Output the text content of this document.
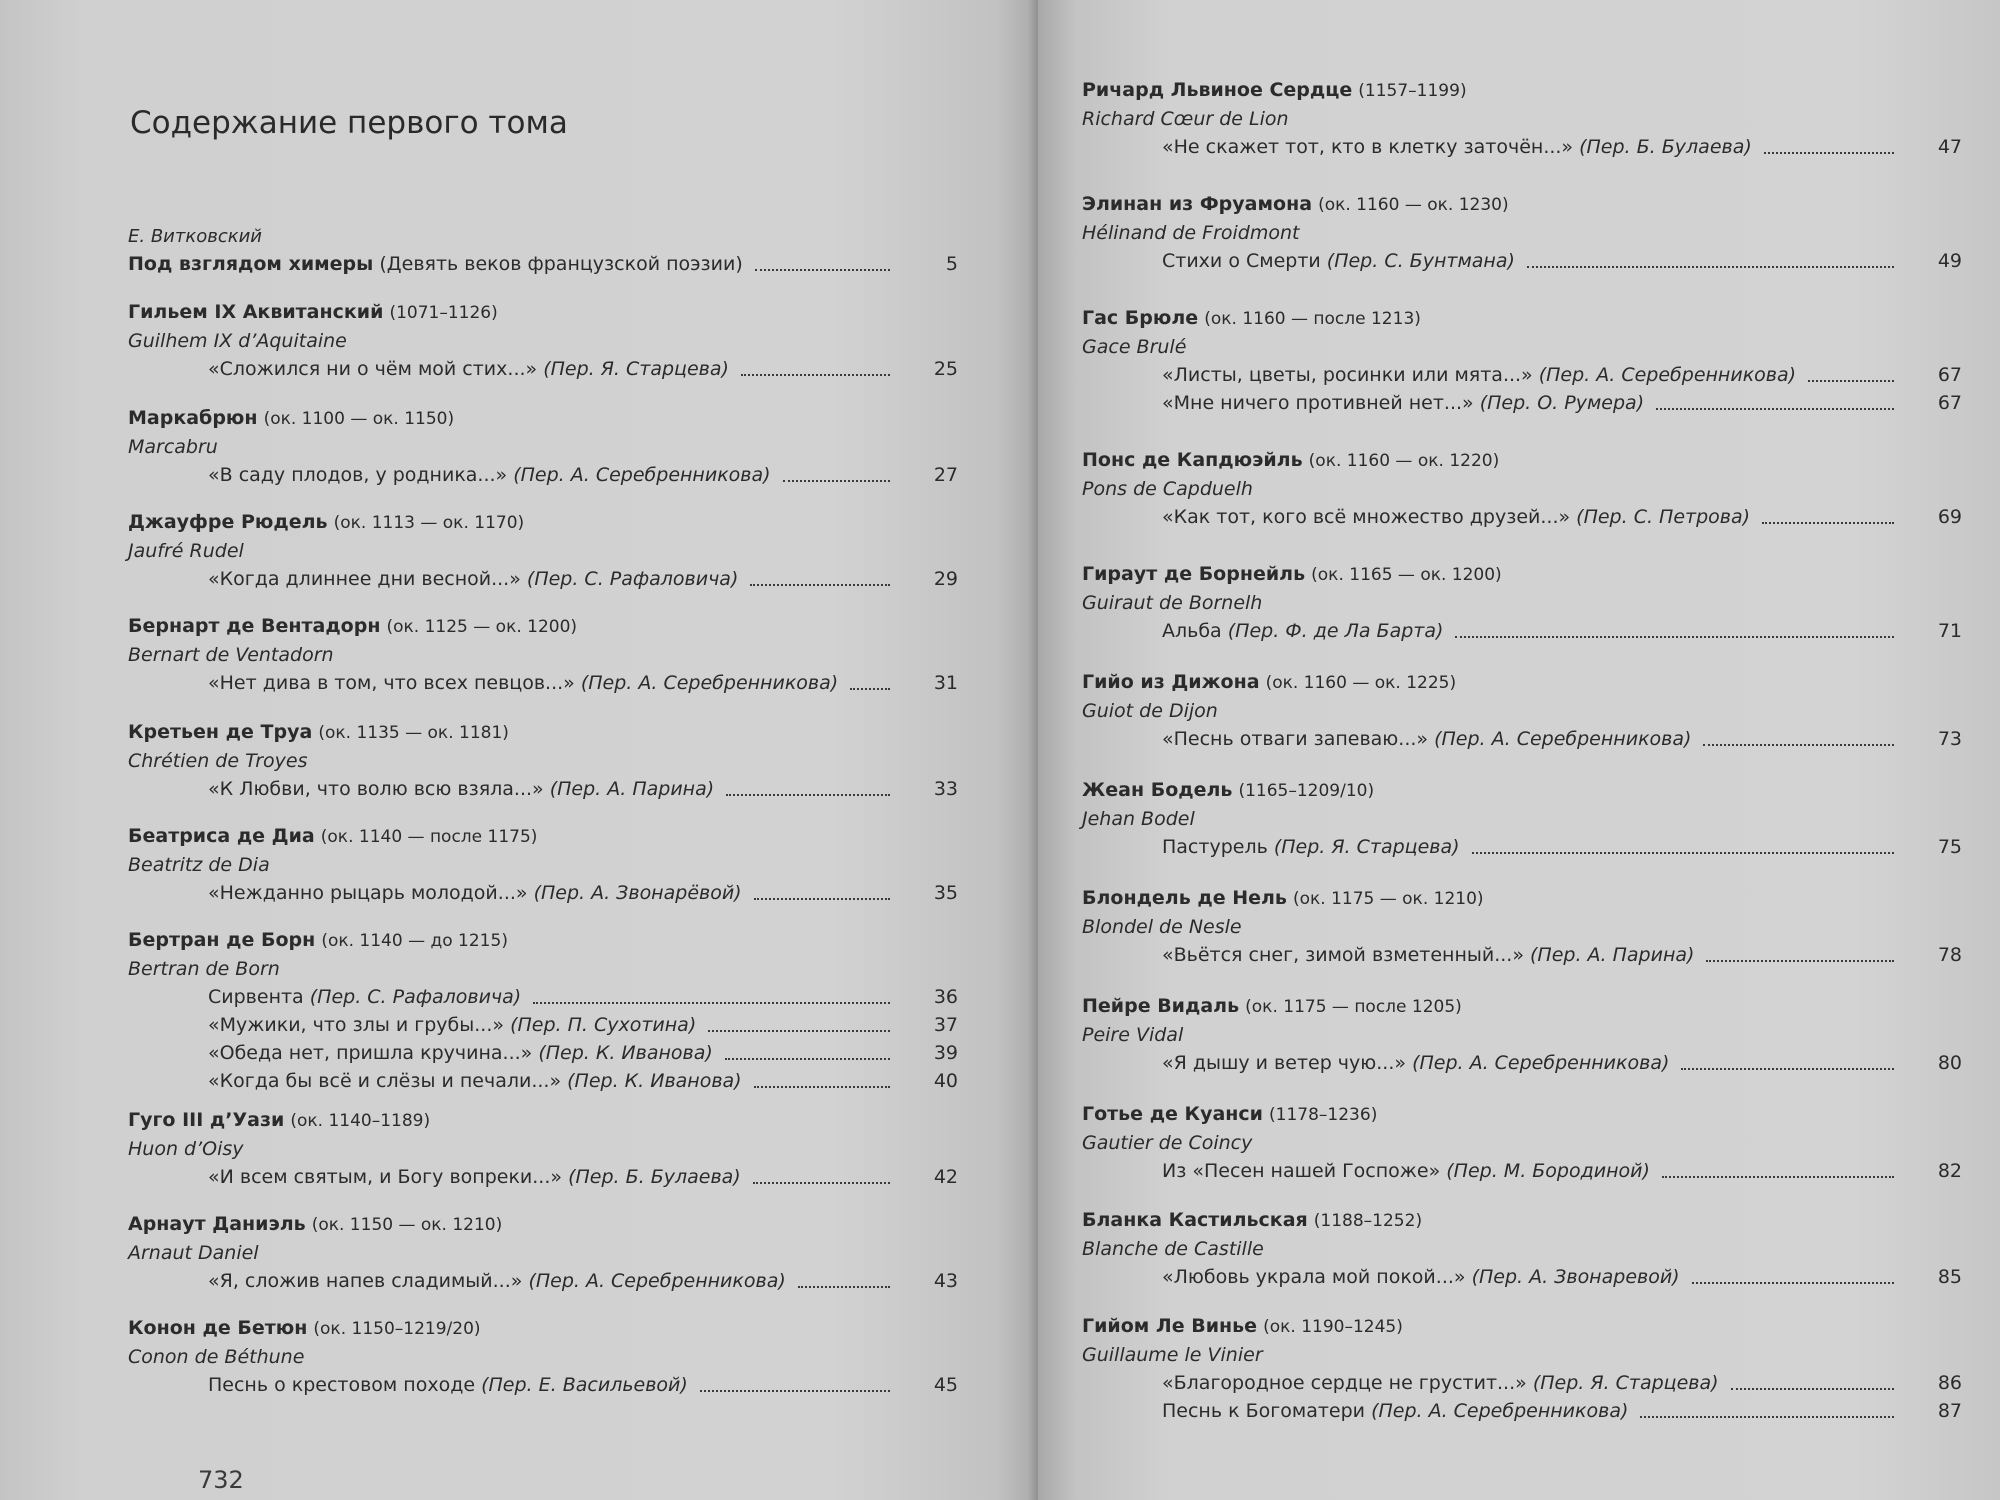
Содержание первого тома
Е. Витковский
Под взглядом химеры (Девять веков французской поэзии)	5
Гильем IX Аквитанский (1071–1126)
Guilhem IX d’Aquitaine
«Сложился ни о чём мой стих...» (Пер. Я. Старцева)	25
Маркабрюн (ок. 1100 — ок. 1150)
Marcabru
«В саду плодов, у родника...» (Пер. А. Серебренникова)	27
Джауфре Рюдель (ок. 1113 — ок. 1170)
Jaufré Rudel
«Когда длиннее дни весной...» (Пер. С. Рафаловича)	29
Бернарт де Вентадорн (ок. 1125 — ок. 1200)
Bernart de Ventadorn
«Нет дива в том, что всех певцов...» (Пер. А. Серебренникова)	31
Кретьен де Труа (ок. 1135 — ок. 1181)
Chrétien de Troyes
«К Любви, что волю всю взяла...» (Пер. А. Парина)	33
Беатриса де Диа (ок. 1140 — после 1175)
Beatritz de Dia
«Нежданно рыцарь молодой...» (Пер. А. Звонарёвой)	35
Бертран де Борн (ок. 1140 — до 1215)
Bertran de Born
Сирвента (Пер. С. Рафаловича)	36
«Мужики, что злы и грубы...» (Пер. П. Сухотина)	37
«Обеда нет, пришла кручина...» (Пер. К. Иванова)	39
«Когда бы всё и слёзы и печали...» (Пер. К. Иванова)	40
Гуго III д’Уази (ок. 1140–1189)
Huon d’Oisy
«И всем святым, и Богу вопреки...» (Пер. Б. Булаева)	42
Арнаут Даниэль (ок. 1150 — ок. 1210)
Arnaut Daniel
«Я, сложив напев сладимый...» (Пер. А. Серебренникова)	43
Конон де Бетюн (ок. 1150–1219/20)
Conon de Béthune
Песнь о крестовом походе (Пер. Е. Васильевой)	45
732
Ричард Львиное Сердце (1157–1199)
Richard Cœur de Lion
«Не скажет тот, кто в клетку заточён...» (Пер. Б. Булаева)	47
Элинан из Фруамона (ок. 1160 — ок. 1230)
Hélinand de Froidmont
Стихи о Смерти (Пер. С. Бунтмана)	49
Гас Брюле (ок. 1160 — после 1213)
Gace Brulé
«Листы, цветы, росинки или мята...» (Пер. А. Серебренникова)	67
«Мне ничего противней нет...» (Пер. О. Румера)	67
Понс де Капдюэйль (ок. 1160 — ок. 1220)
Pons de Capduelh
«Как тот, кого всё множество друзей...» (Пер. С. Петрова)	69
Гираут де Борнейль (ок. 1165 — ок. 1200)
Guiraut de Bornelh
Альба (Пер. Ф. де Ла Барта)	71
Гийо из Дижона (ок. 1160 — ок. 1225)
Guiot de Dijon
«Песнь отваги запеваю...» (Пер. А. Серебренникова)	73
Жеан Бодель (1165–1209/10)
Jehan Bodel
Пастурель (Пер. Я. Старцева)	75
Блондель де Нель (ок. 1175 — ок. 1210)
Blondel de Nesle
«Вьётся снег, зимой взметенный...» (Пер. А. Парина)	78
Пейре Видаль (ок. 1175 — после 1205)
Peire Vidal
«Я дышу и ветер чую...» (Пер. А. Серебренникова)	80
Готье де Куанси (1178–1236)
Gautier de Coincy
Из «Песен нашей Госпоже» (Пер. М. Бородиной)	82
Бланка Кастильская (1188–1252)
Blanche de Castille
«Любовь украла мой покой...» (Пер. А. Звонаревой)	85
Гийом Ле Винье (ок. 1190–1245)
Guillaume le Vinier
«Благородное сердце не грустит...» (Пер. Я. Старцева)	86
Песнь к Богоматери (Пер. А. Серебренникова)	87
